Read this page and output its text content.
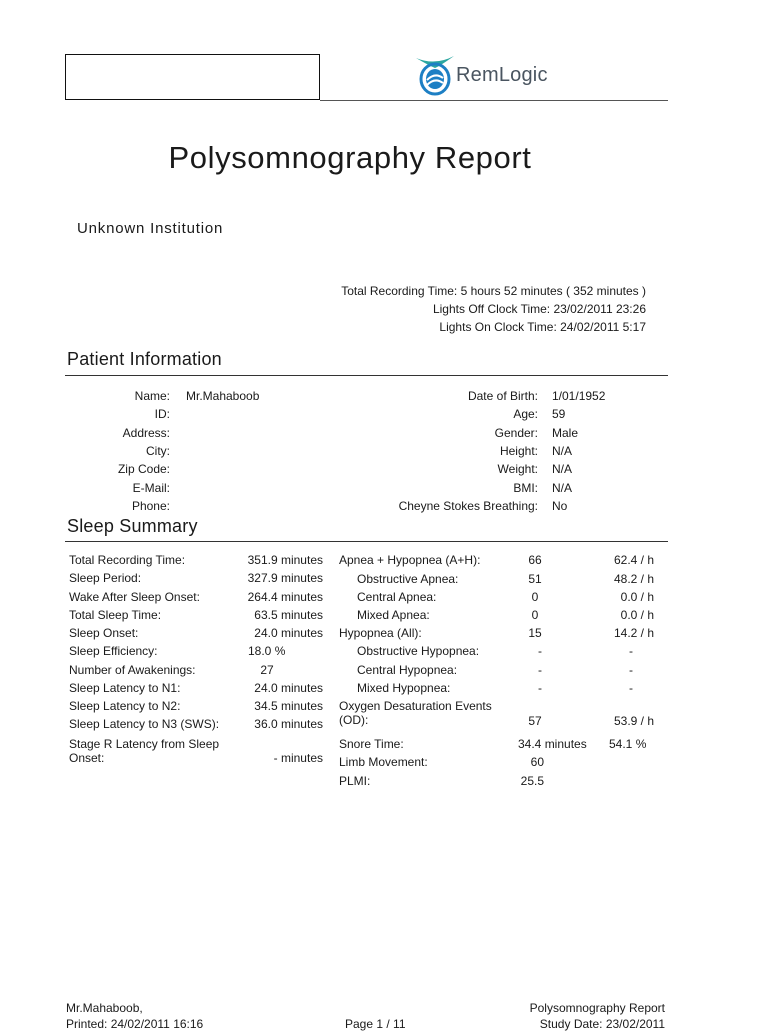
RemLogic
Polysomnography Report
Unknown Institution
Total Recording Time: 5 hours 52 minutes ( 352 minutes )
Lights Off Clock Time: 23/02/2011 23:26
Lights On Clock Time: 24/02/2011 5:17
Patient Information
Name: Mr.Mahaboob
ID:
Address:
City:
Zip Code:
E-Mail:
Phone:
Date of Birth: 1/01/1952
Age: 59
Gender: Male
Height: N/A
Weight: N/A
BMI: N/A
Cheyne Stokes Breathing: No
Sleep Summary
Total Recording Time:	351.9 minutes
Sleep Period:	327.9 minutes
Wake After Sleep Onset:	264.4 minutes
Total Sleep Time:	63.5 minutes
Sleep Onset:	24.0 minutes
Sleep Efficiency:	18.0 %
Number of Awakenings:	27
Sleep Latency to N1:	24.0 minutes
Sleep Latency to N2:	34.5 minutes
Sleep Latency to N3 (SWS):	36.0 minutes
Stage R Latency from Sleep Onset:	- minutes
Apnea + Hypopnea (A+H):	66	62.4 / h
Obstructive Apnea:	51	48.2 / h
Central Apnea:	0	0.0 / h
Mixed Apnea:	0	0.0 / h
Hypopnea (All):	15	14.2 / h
Obstructive Hypopnea:	-	-
Central Hypopnea:	-	-
Mixed Hypopnea:	-	-
Oxygen Desaturation Events (OD):	57	53.9 / h
Snore Time:	34.4 minutes 54.1 %
Limb Movement:	60
PLMI:	25.5
Mr.Mahaboob,
Printed: 24/02/2011 16:16	Page 1 / 11
Polysomnography Report
Study Date: 23/02/2011
